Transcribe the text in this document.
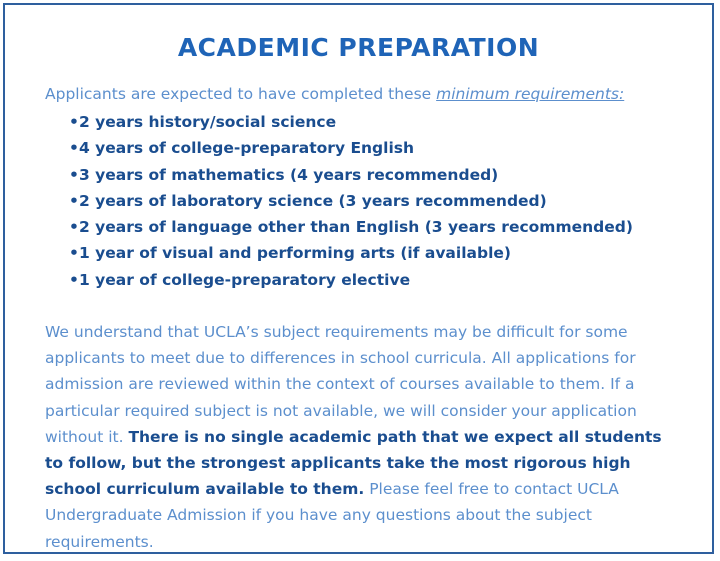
ACADEMIC PREPARATION
Applicants are expected to have completed these minimum requirements:
•2 years history/social science
•4 years of college-preparatory English
•3 years of mathematics (4 years recommended)
•2 years of laboratory science (3 years recommended)
•2 years of language other than English (3 years recommended)
•1 year of visual and performing arts (if available)
•1 year of college-preparatory elective

We understand that UCLA’s subject requirements may be difficult for some applicants to meet due to differences in school curricula. All applications for admission are reviewed within the context of courses available to them. If a particular required subject is not available, we will consider your application without it. There is no single academic path that we expect all students to follow, but the strongest applicants take the most rigorous high school curriculum available to them. Please feel free to contact UCLA Undergraduate Admission if you have any questions about the subject requirements.
